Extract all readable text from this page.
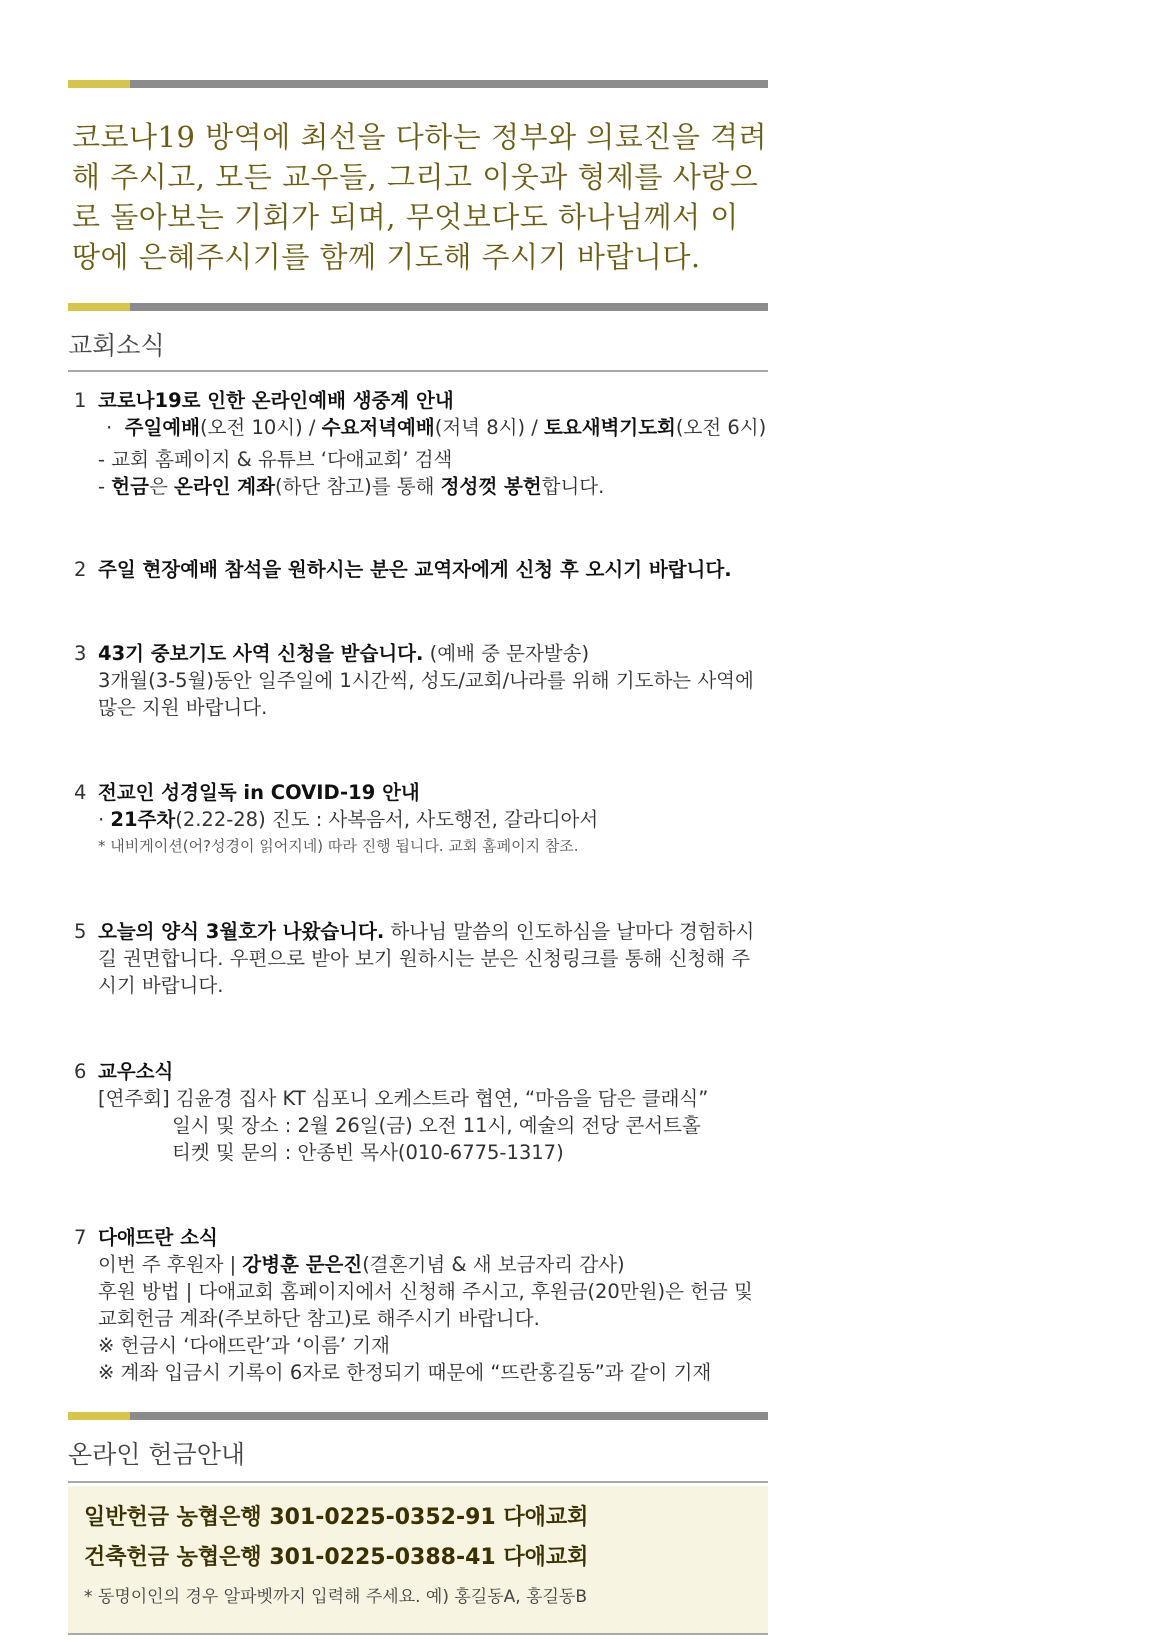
코로나19 방역에 최선을 다하는 정부와 의료진을 격려
해 주시고, 모든 교우들, 그리고 이웃과 형제를 사랑으
로 돌아보는 기회가 되며, 무엇보다도 하나님께서 이
땅에 은혜주시기를 함께 기도해 주시기 바랍니다.
교회소식
1 코로나19로 인한 온라인예배 생중계 안내
·  주일예배(오전 10시) / 수요저녁예배(저녁 8시) / 토요새벽기도회(오전 6시)
- 교회 홈페이지 & 유튜브 ‘다애교회’ 검색
- 헌금은 온라인 계좌(하단 참고)를 통해 정성껏 봉헌합니다.
2 주일 현장예배 참석을 원하시는 분은 교역자에게 신청 후 오시기 바랍니다.
3 43기 중보기도 사역 신청을 받습니다. (예배 중 문자발송)
3개월(3-5월)동안 일주일에 1시간씩, 성도/교회/나라를 위해 기도하는 사역에
많은 지원 바랍니다.
4 전교인 성경일독 in COVID-19 안내
· 21주차(2.22-28) 진도 : 사복음서, 사도행전, 갈라디아서
* 내비게이션(어?성경이 읽어지네) 따라 진행 됩니다. 교회 홈페이지 참조.
5 오늘의 양식 3월호가 나왔습니다. 하나님 말씀의 인도하심을 날마다 경험하시
길 권면합니다. 우편으로 받아 보기 원하시는 분은 신청링크를 통해 신청해 주
시기 바랍니다.
6 교우소식
[연주회] 김윤경 집사 KT 심포니 오케스트라 협연, “마음을 담은 클래식”
일시 및 장소 : 2월 26일(금) 오전 11시, 예술의 전당 콘서트홀
티켓 및 문의 : 안종빈 목사(010-6775-1317)
7 다애뜨란 소식
이번 주 후원자 | 강병훈 문은진(결혼기념 & 새 보금자리 감사)
후원 방법 | 다애교회 홈페이지에서 신청해 주시고, 후원금(20만원)은 헌금 및
교회헌금 계좌(주보하단 참고)로 해주시기 바랍니다.
※ 헌금시 ‘다애뜨란’과 ‘이름’ 기재
※ 계좌 입금시 기록이 6자로 한정되기 때문에 “뜨란홍길동”과 같이 기재
온라인 헌금안내
일반헌금 농협은행 301-0225-0352-91 다애교회
건축헌금 농협은행 301-0225-0388-41 다애교회
* 동명이인의 경우 알파벳까지 입력해 주세요. 예) 홍길동A, 홍길동B
